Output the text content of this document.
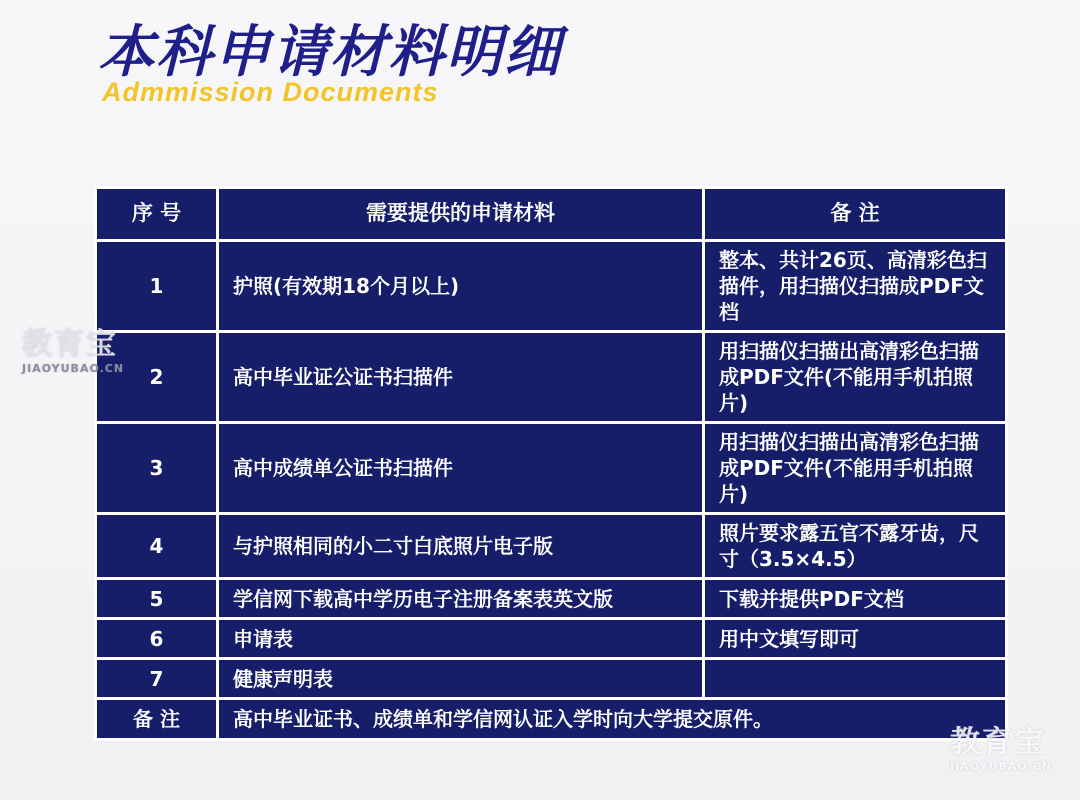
本科申请材料明细
Admmission Documents
序 号	需要提供的申请材料	备 注
1	护照(有效期18个月以上)	整本、共计26页、高清彩色扫描件，用扫描仪扫描成PDF文档
2	高中毕业证公证书扫描件	用扫描仪扫描出高清彩色扫描成PDF文件(不能用手机拍照片)
3	高中成绩单公证书扫描件	用扫描仪扫描出高清彩色扫描成PDF文件(不能用手机拍照片)
4	与护照相同的小二寸白底照片电子版	照片要求露五官不露牙齿，尺寸（3.5×4.5）
5	学信网下载高中学历电子注册备案表英文版	下载并提供PDF文档
6	申请表	用中文填写即可
7	健康声明表	
备 注	高中毕业证书、成绩单和学信网认证入学时向大学提交原件。	
教育宝
JIAOYUBAO.CN
教育宝
JIAOYUBAO.CN
